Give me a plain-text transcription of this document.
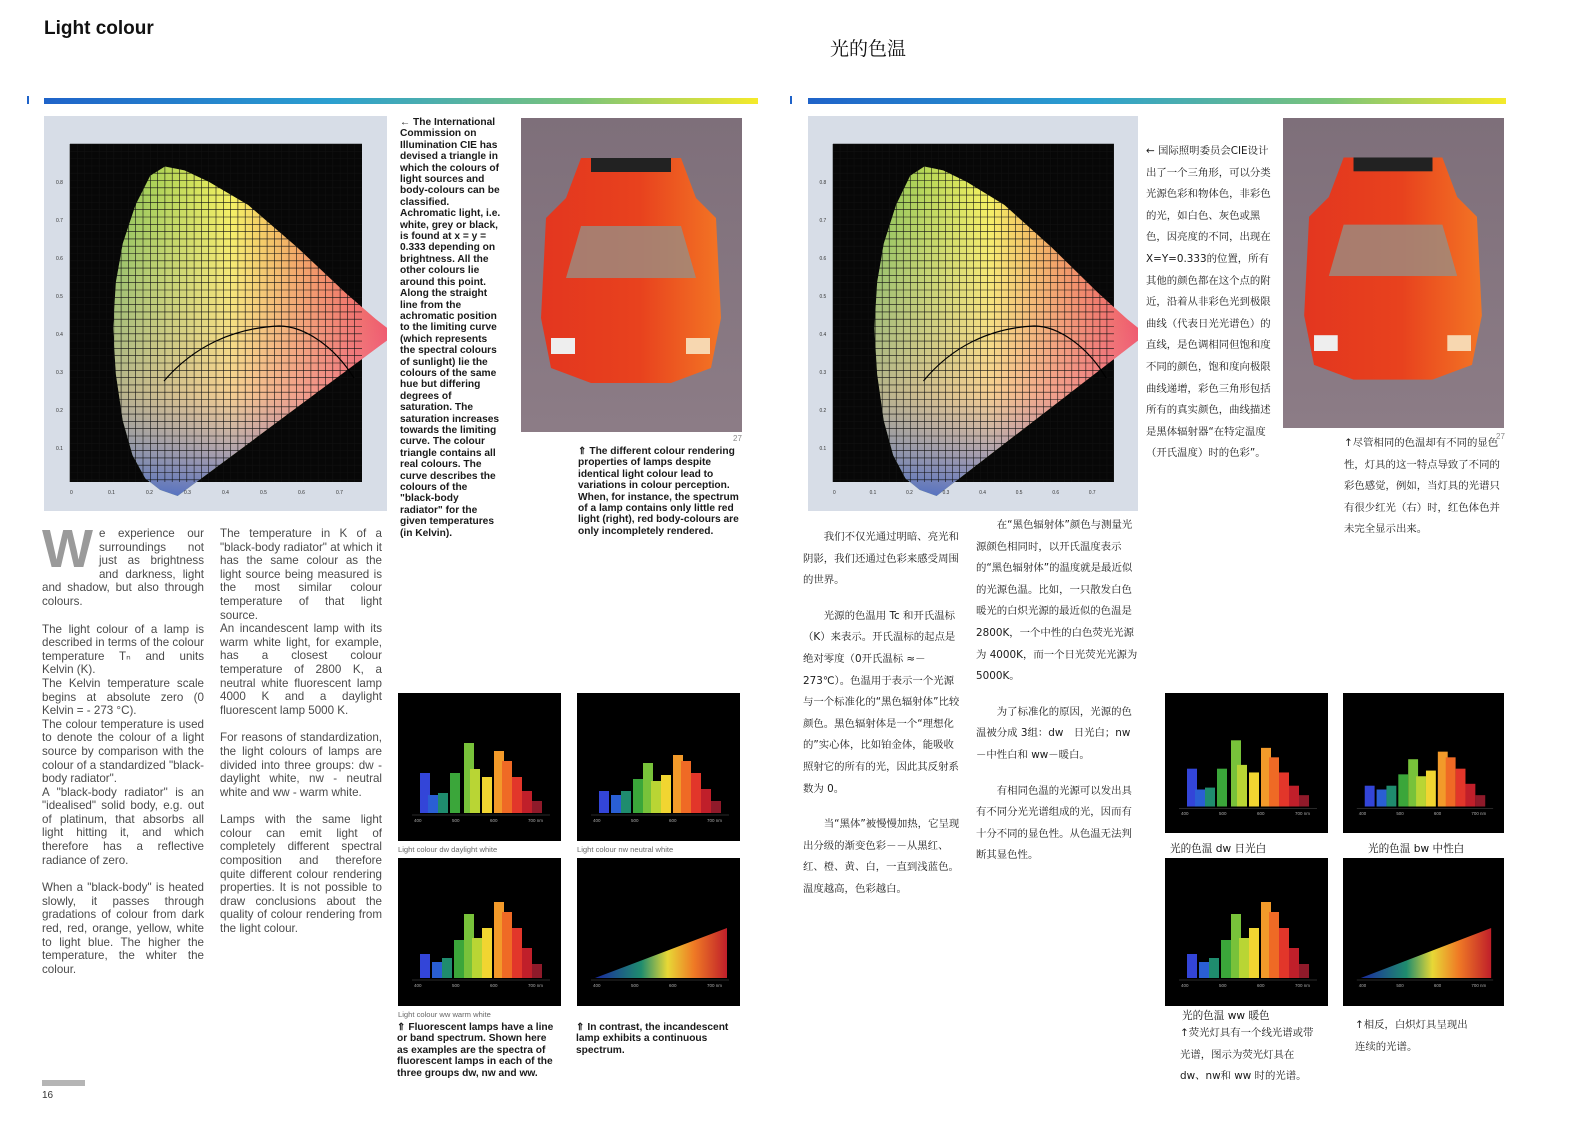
Light colour
光的色温
0	0.1	0.2	0.3	0.4	0.5	0.6	0.7
0.8
0.7
0.6
0.5
0.4
0.3
0.2
0.1
← The International Commission on Illumination CIE has devised a triangle in which the colours of light sources and body-colours can be classified. Achromatic light, i.e. white, grey or black, is found at x = y = 0.333 depending on brightness. All the other colours lie around this point. Along the straight line from the achromatic position to the limiting curve (which represents the spectral colours of sunlight) lie the colours of the same hue but differing degrees of saturation. The saturation increases towards the limiting curve. The colour triangle contains all real colours. The curve describes the colours of the "black-body radiator" for the given temperatures (in Kelvin).
27
⇑ The different colour rendering properties of lamps despite identical light colour lead to variations in colour perception. When, for instance, the spectrum of a lamp contains only little red light (right), red body-colours are only incompletely rendered.
We experience our surroundings not just as brightness and darkness, light and shadow, but also through colours.
The light colour of a lamp is described in terms of the colour temperature Tₙ and units Kelvin (K).
The Kelvin temperature scale begins at absolute zero (0 Kelvin = - 273 °C).
The colour temperature is used to denote the colour of a light source by comparison with the colour of a standardized "black-body radiator".
A "black-body radiator" is an "idealised" solid body, e.g. out of platinum, that absorbs all light hitting it, and which therefore has a reflective radiance of zero.
When a "black-body" is heated slowly, it passes through gradations of colour from dark red, red, orange, yellow, white to light blue. The higher the temperature, the whiter the colour.
The temperature in K of a "black-body radiator" at which it has the same colour as the light source being measured is the most similar colour temperature of that light source.
An incandescent lamp with its warm white light, for example, has a closest colour temperature of 2800 K, a neutral white fluorescent lamp 4000 K and a daylight fluorescent lamp 5000 K.
For reasons of standardization, the light colours of lamps are divided into three groups: dw - daylight white, nw - neutral white and ww - warm white.
Lamps with the same light colour can emit light of completely different spectral composition and therefore quite different colour rendering properties. It is not possible to draw conclusions about the quality of colour rendering from the light colour.
400	500	600	700 nm	400	500	600	700 nm
Light colour dw daylight white	Light colour nw neutral white
400	500	600	700 nm	400	500	600	700 nm
Light colour ww warm white
⇑ Fluorescent lamps have a line or band spectrum. Shown here as examples are the spectra of fluorescent lamps in each of the three groups dw, nw and ww.
⇑ In contrast, the incandescent lamp exhibits a continuous spectrum.
16
0	0.1	0.2	0.3	0.4	0.5	0.6	0.7
0.8
0.7
0.6
0.5
0.4
0.3
0.2
0.1
← 国际照明委员会CIE设计出了一个三角形，可以分类光源色彩和物体色，非彩色的光，如白色、灰色或黑色，因亮度的不同，出现在 X=Y=0.333的位置，所有其他的颜色都在这个点的附近，沿着从非彩色光到极限曲线（代表日光光谱色）的直线，是色调相同但饱和度不同的颜色，饱和度向极限曲线递增，彩色三角形包括所有的真实颜色，曲线描述是黑体辐射器“在特定温度（开氏温度）时的色彩”。
27
↑尽管相同的色温却有不同的显色性，灯具的这一特点导致了不同的彩色感觉，例如，当灯具的光谱只有很少红光（右）时，红色体色并未完全显示出来。
我们不仅光通过明暗、亮光和阴影，我们还通过色彩来感受周围的世界。
光源的色温用 Tc 和开氏温标（K）来表示。开氏温标的起点是绝对零度（0开氏温标 ≈－ 273℃）。色温用于表示一个光源与一个标准化的“黑色辐射体”比较颜色。黑色辐射体是一个“理想化的”实心体，比如铂金体，能吸收照射它的所有的光，因此其反射系数为 0。
当“黑体”被慢慢加热，它呈现出分级的渐变色彩－－从黑红、红、橙、黄、白，一直到浅蓝色。温度越高，色彩越白。
在“黑色辐射体”颜色与测量光源颜色相同时，以开氏温度表示的“黑色辐射体”的温度就是最近似的光源色温。比如，一只散发白色暖光的白炽光源的最近似的色温是 2800K，一个中性的白色荧光光源为 4000K，而一个日光荧光光源为 5000K。
为了标准化的原因，光源的色温被分成 3组：dw　日光白；nw－中性白和 ww－暖白。
有相同色温的光源可以发出具有不同分光光谱组成的光，因而有十分不同的显色性。从色温无法判断其显色性。
400	500	600	700 nm	400	500	600	700 nm
光的色温 dw 日光白	光的色温 bw 中性白
400	500	600	700 nm	400	500	600	700 nm
光的色温 ww 暖色
↑荧光灯具有一个线光谱或带光谱，图示为荧光灯具在dw、nw和 ww 时的光谱。
↑相反，白炽灯具呈现出连续的光谱。
